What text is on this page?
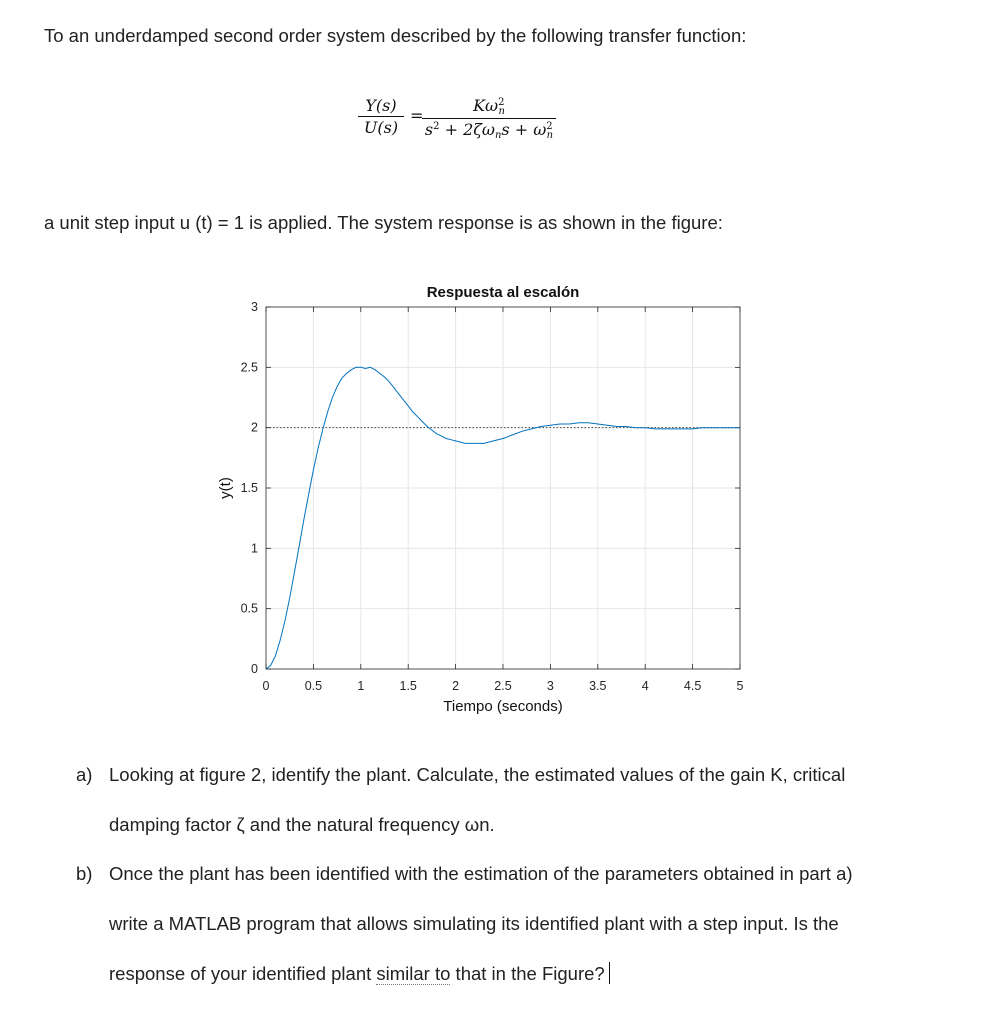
To an underdamped second order system described by the following transfer function:
$\frac{Y(s)}{U(s)}$ =
$K\omega^2_n$
$s^2 + 2\zeta\omega_ns + \omega^2_n$
a unit step input u (t) = 1 is applied. The system response is as shown in the figure:
0	0.5	1	1.5	2	2.5	3	3.5	4	4.5	5
0
0.5
1
1.5
2
2.5
3
Respuesta al escalón
Tiempo (seconds)
y(t)
a) Looking at figure 2, identify the plant. Calculate, the estimated values of the gain K, critical
damping factor ζ and the natural frequency ωn.
b) Once the plant has been identified with the estimation of the parameters obtained in part a)
write a MATLAB program that allows simulating its identified plant with a step input. Is the
response of your identified plant similar to that in the Figure?
